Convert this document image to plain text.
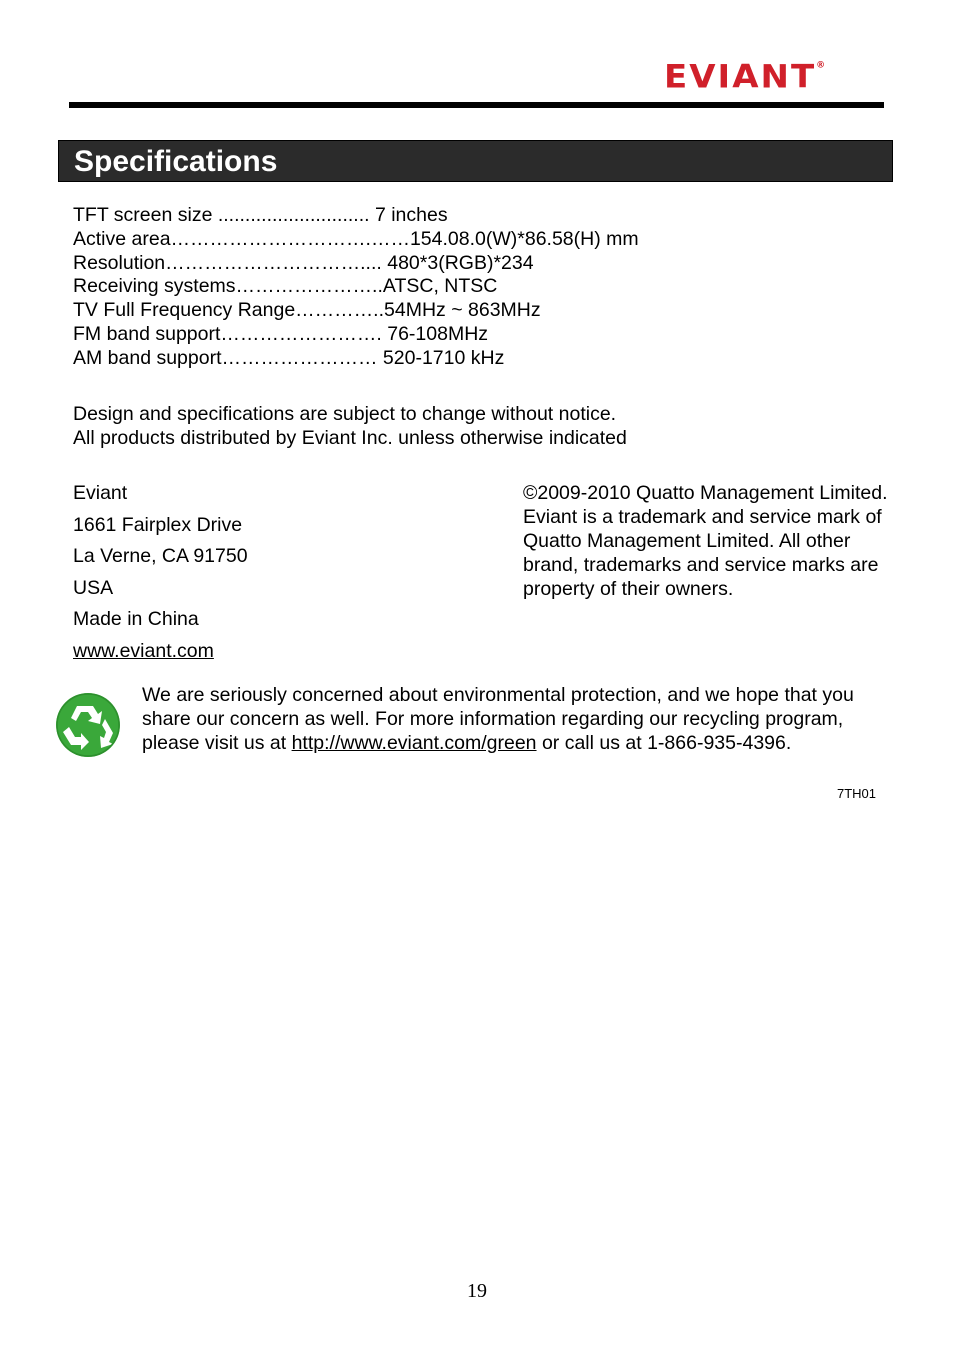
EVIANT®
Specifications
TFT screen size ............................ 7 inches
Active area………………………….……154.08.0(W)*86.58(H) mm
Resolution………………………….... 480*3(RGB)*234
Receiving systems…………………..ATSC, NTSC
TV Full Frequency Range…………..54MHz ~ 863MHz
FM band support……………………. 76-108MHz
AM band support…………………… 520-1710 kHz
Design and specifications are subject to change without notice.
All products distributed by Eviant Inc. unless otherwise indicated
Eviant
1661 Fairplex Drive
La Verne, CA 91750
USA
Made in China
www.eviant.com
©2009-2010 Quatto Management Limited. Eviant is a trademark and service mark of Quatto Management Limited. All other brand, trademarks and service marks are property of their owners.
We are seriously concerned about environmental protection, and we hope that you share our concern as well. For more information regarding our recycling program, please visit us at http://www.eviant.com/green or call us at 1-866-935-4396.
7TH01
19
